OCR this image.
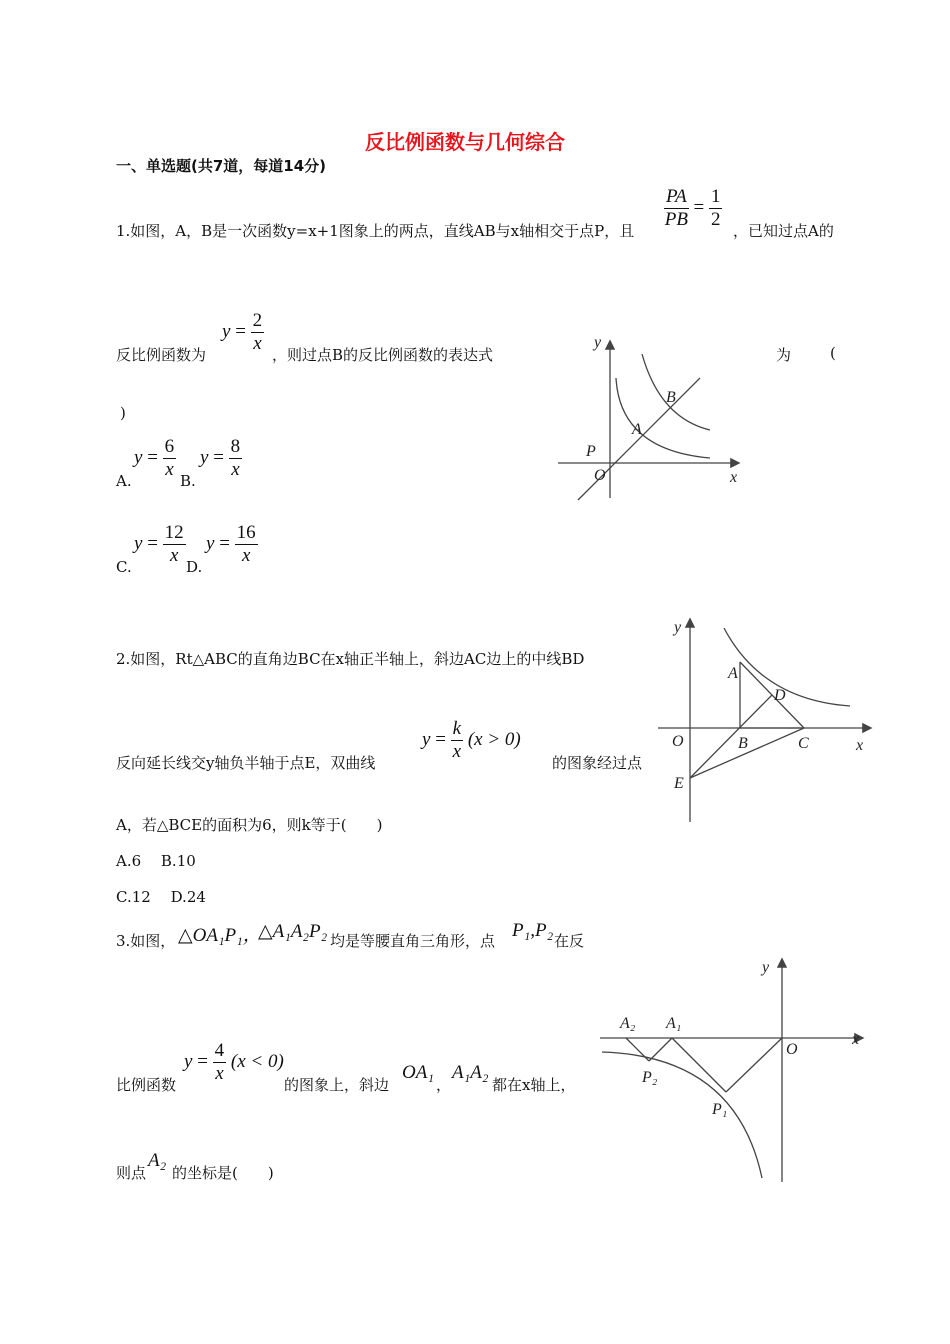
反比例函数与几何综合
一、单选题(共7道，每道14分)
1.如图，A，B是一次函数y=x+1图象上的两点，直线AB与x轴相交于点P，且 $\frac{PA}{PB} = \frac{1}{2}$ ，已知过点A的
反比例函数为
$y = \frac{2}{x}$ ，则过点B的反比例函数的表达式	为	(
)
A.
$y = \frac{6}{x} B$.
$y = \frac{8}{x}$
C.
$y = \frac{12}{x} D$.
$y = \frac{16}{x}$
y
x
O
P
A
B
2.如图，Rt△ABC的直角边BC在x轴正半轴上，斜边AC边上的中线BD
反向延长线交y轴负半轴于点E，双曲线
$y = \frac{k}{x} (x > 0)$
的图象经过点
A，若△BCE的面积为6，则k等于(　　)
A.6　 B.10
C.12　 D.24
y
x
O
A
B	C
D
E
3.如图， △OA₁P₁，
△A₁A₂P₂ 均是等腰直角三角形，点 P₁,P₂ 在反
比例函数
$y = \frac{4}{x} (x < 0)$
的图象上，斜边
OA₁
，
A₁A₂
都在x轴上，
则点
A₂
的坐标是(　　)
y
x
O
A₂ A₁
P₂
P₁
